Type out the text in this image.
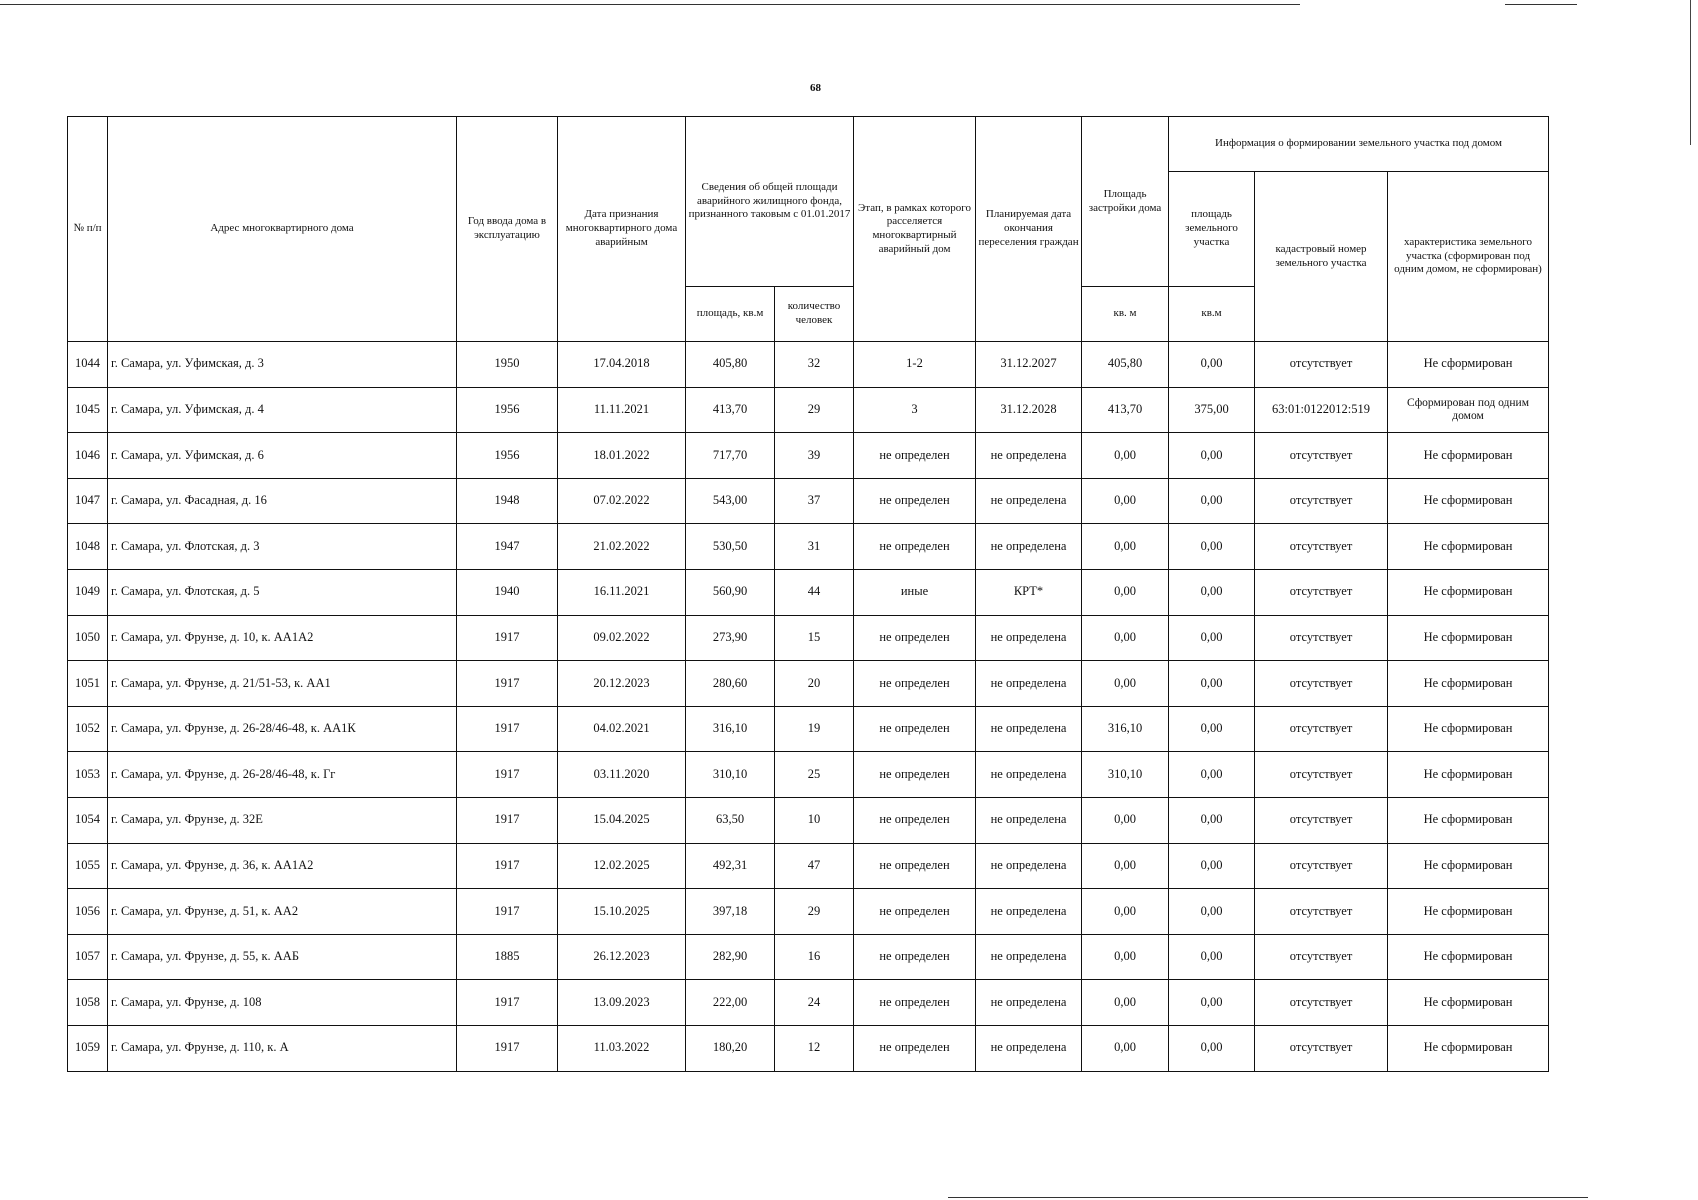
68
№ п/п	Адрес многоквартирного дома	Год ввода дома в эксплуатацию	Дата признания многоквартирного дома аварийным	Сведения об общей площади аварийного жилищного фонда, признанного таковым с 01.01.2017		Этап, в рамках которого расселяется многоквартирный аварийный дом	Планируемая дата окончания переселения граждан	Площадь застройки дома	Информация о формировании земельного участка под домом		
									площадь земельного участка	кадастровый номер земельного участка	характеристика земельного участка (сформирован под одним домом, не сформирован)
				площадь, кв.м	количество человек			кв. м	кв.м		
1044	г. Самара, ул. Уфимская, д. 3	1950	17.04.2018	405,80	32	1-2	31.12.2027	405,80	0,00	отсутствует	Не сформирован
1045	г. Самара, ул. Уфимская, д. 4	1956	11.11.2021	413,70	29	3	31.12.2028	413,70	375,00	63:01:0122012:519	Сформирован под одним домом
1046	г. Самара, ул. Уфимская, д. 6	1956	18.01.2022	717,70	39	не определен	не определена	0,00	0,00	отсутствует	Не сформирован
1047	г. Самара, ул. Фасадная, д. 16	1948	07.02.2022	543,00	37	не определен	не определена	0,00	0,00	отсутствует	Не сформирован
1048	г. Самара, ул. Флотская, д. 3	1947	21.02.2022	530,50	31	не определен	не определена	0,00	0,00	отсутствует	Не сформирован
1049	г. Самара, ул. Флотская, д. 5	1940	16.11.2021	560,90	44	иные	КРТ*	0,00	0,00	отсутствует	Не сформирован
1050	г. Самара, ул. Фрунзе, д. 10, к. АА1А2	1917	09.02.2022	273,90	15	не определен	не определена	0,00	0,00	отсутствует	Не сформирован
1051	г. Самара, ул. Фрунзе, д. 21/51-53, к. АА1	1917	20.12.2023	280,60	20	не определен	не определена	0,00	0,00	отсутствует	Не сформирован
1052	г. Самара, ул. Фрунзе, д. 26-28/46-48, к. АА1К	1917	04.02.2021	316,10	19	не определен	не определена	316,10	0,00	отсутствует	Не сформирован
1053	г. Самара, ул. Фрунзе, д. 26-28/46-48, к. Гг	1917	03.11.2020	310,10	25	не определен	не определена	310,10	0,00	отсутствует	Не сформирован
1054	г. Самара, ул. Фрунзе, д. 32Е	1917	15.04.2025	63,50	10	не определен	не определена	0,00	0,00	отсутствует	Не сформирован
1055	г. Самара, ул. Фрунзе, д. 36, к. АА1А2	1917	12.02.2025	492,31	47	не определен	не определена	0,00	0,00	отсутствует	Не сформирован
1056	г. Самара, ул. Фрунзе, д. 51, к. АА2	1917	15.10.2025	397,18	29	не определен	не определена	0,00	0,00	отсутствует	Не сформирован
1057	г. Самара, ул. Фрунзе, д. 55, к. ААБ	1885	26.12.2023	282,90	16	не определен	не определена	0,00	0,00	отсутствует	Не сформирован
1058	г. Самара, ул. Фрунзе, д. 108	1917	13.09.2023	222,00	24	не определен	не определена	0,00	0,00	отсутствует	Не сформирован
1059	г. Самара, ул. Фрунзе, д. 110, к. А	1917	11.03.2022	180,20	12	не определен	не определена	0,00	0,00	отсутствует	Не сформирован
